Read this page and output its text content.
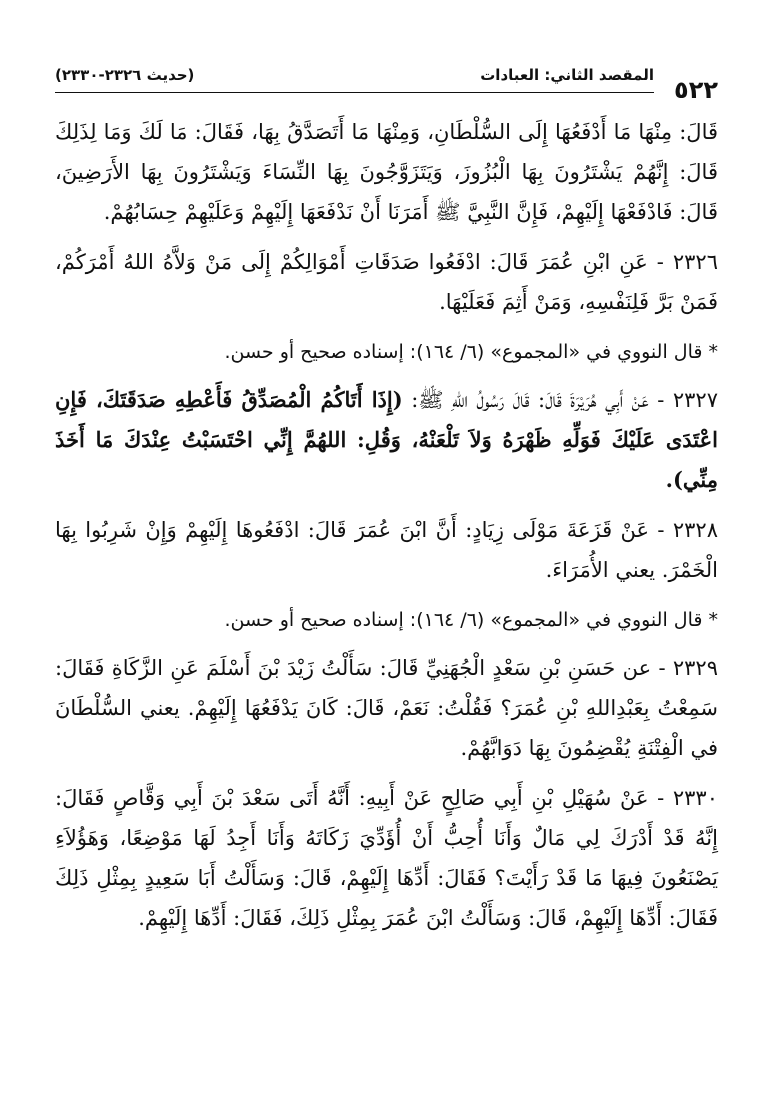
٥٢٢
المقصد الثاني: العبادات
(حديث ٢٣٢٦-٢٣٣٠)

قَالَ: مِنْهَا مَا أَدْفَعُهَا إِلَى السُّلْطَانِ، وَمِنْهَا مَا أَتَصَدَّقُ بِهَا، فَقَالَ: مَا لَكَ وَمَا لِذَلِكَ قَالَ: إِنَّهُمْ يَشْتَرُونَ بِهَا الْبُزُوزَ، وَيَتَزَوَّجُونَ بِهَا النِّسَاءَ وَيَشْتَرُونَ بِهَا الأَرَضِينَ، قَالَ: فَادْفَعْهَا إِلَيْهِمْ، فَإِنَّ النَّبِيَّ ﷺ أَمَرَنَا أَنْ نَدْفَعَهَا إِلَيْهِمْ وَعَلَيْهِمْ حِسَابُهُمْ.

٢٣٢٦ - عَنِ ابْنِ عُمَرَ قَالَ: ادْفَعُوا صَدَقَاتِ أَمْوَالِكُمْ إِلَى مَنْ وَلاَّهُ اللهُ أَمْرَكُمْ، فَمَنْ بَرَّ فَلِنَفْسِهِ، وَمَنْ أَثِمَ فَعَلَيْهَا.

* قال النووي في «المجموع» (٦/ ١٦٤): إسناده صحيح أو حسن.

٢٣٢٧ - عَنْ أَبِي هُرَيْرَةَ قَالَ: قَالَ رَسُولُ اللهِ ﷺ: (إِذَا أَتَاكُمُ الْمُصَدِّقُ فَأَعْطِهِ صَدَقَتَكَ، فَإِنِ اعْتَدَى عَلَيْكَ فَوَلِّهِ ظَهْرَهُ وَلاَ تَلْعَنْهُ، وَقُلِ: اللهُمَّ إِنِّي احْتَسَبْتُ عِنْدَكَ مَا أَخَذَ مِنِّي).

٢٣٢٨ - عَنْ قَزَعَةَ مَوْلَى زِيَادٍ: أَنَّ ابْنَ عُمَرَ قَالَ: ادْفَعُوهَا إِلَيْهِمْ وَإِنْ شَرِبُوا بِهَا الْخَمْرَ. يعني الأُمَرَاءَ.

* قال النووي في «المجموع» (٦/ ١٦٤): إسناده صحيح أو حسن.

٢٣٢٩ - عن حَسَنِ بْنِ سَعْدٍ الْجُهَنِيِّ قَالَ: سَأَلْتُ زَيْدَ بْنَ أَسْلَمَ عَنِ الزَّكَاةِ فَقَالَ: سَمِعْتُ بِعَبْدِاللهِ بْنِ عُمَرَ؟ فَقُلْتُ: نَعَمْ، قَالَ: كَانَ يَدْفَعُهَا إِلَيْهِمْ. يعني السُّلْطَانَ في الْفِتْنَةِ يُقْضِمُونَ بِهَا دَوَابَّهُمْ.

٢٣٣٠ - عَنْ سُهَيْلِ بْنِ أَبِي صَالِحٍ عَنْ أَبِيهِ: أَنَّهُ أَتَى سَعْدَ بْنَ أَبِي وَقَّاصٍ فَقَالَ: إِنَّهُ قَدْ أَدْرَكَ لِي مَالٌ وَأَنَا أُحِبُّ أَنْ أُؤَدِّيَ زَكَاتَهُ وَأَنَا أَجِدُ لَهَا مَوْضِعًا، وَهَؤُلاَءِ يَصْنَعُونَ فِيهَا مَا قَدْ رَأَيْتَ؟ فَقَالَ: أَدِّهَا إِلَيْهِمْ، قَالَ: وَسَأَلْتُ أَبَا سَعِيدٍ بِمِثْلِ ذَلِكَ فَقَالَ: أَدِّهَا إِلَيْهِمْ، قَالَ: وَسَأَلْتُ ابْنَ عُمَرَ بِمِثْلِ ذَلِكَ، فَقَالَ: أَدِّهَا إِلَيْهِمْ.
